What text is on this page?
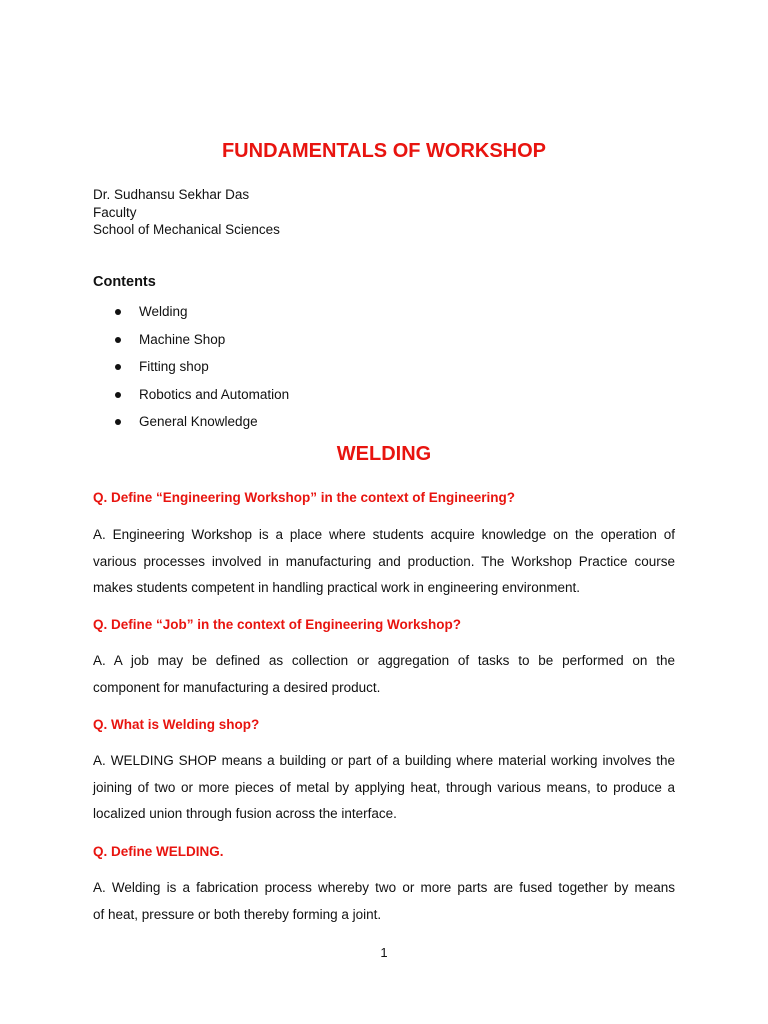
FUNDAMENTALS OF WORKSHOP
Dr. Sudhansu Sekhar Das
Faculty
School of Mechanical Sciences
Contents
Welding
Machine Shop
Fitting shop
Robotics and Automation
General Knowledge
WELDING
Q. Define “Engineering Workshop” in the context of Engineering?
A. Engineering Workshop is a place where students acquire knowledge on the operation of
various processes involved in manufacturing and production. The Workshop Practice course
makes students competent in handling practical work in engineering environment.
Q. Define “Job” in the context of Engineering Workshop?
A. A job may be defined as collection or aggregation of tasks to be performed on the
component for manufacturing a desired product.
Q. What is Welding shop?
A. WELDING SHOP means a building or part of a building where material working involves the
joining of two or more pieces of metal by applying heat, through various means, to produce a
localized union through fusion across the interface.
Q. Define WELDING.
A. Welding is a fabrication process whereby two or more parts are fused together by means
of heat, pressure or both thereby forming a joint.
1
